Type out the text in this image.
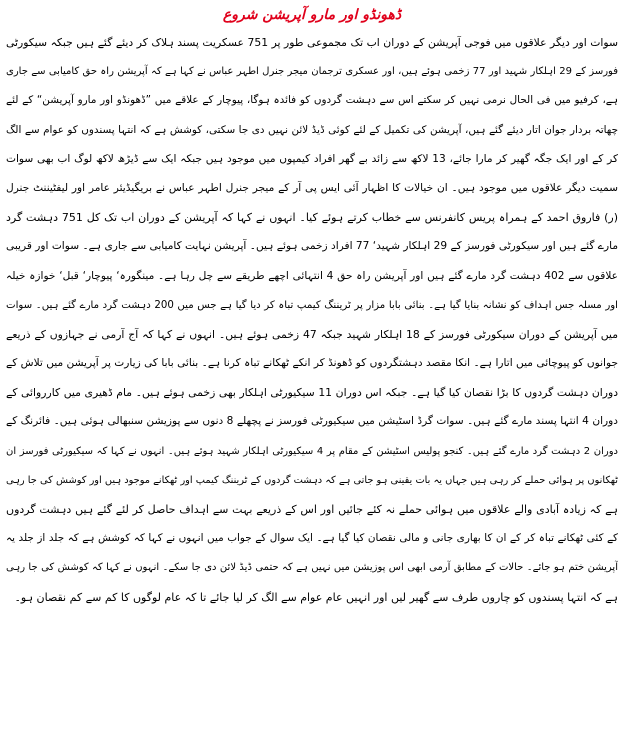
ڈھونڈو اور مارو آپریشن شروع
سوات اور دیگر علاقوں میں فوجی آپریشن کے دوران اب تک مجموعی طور پر 751 عسکریت پسند ہلاک کر دیئے گئے ہیں جبکہ سیکورٹی
فورسز کے 29 اہلکار شہید اور 77 زخمی ہوئے ہیں، اور عسکری ترجمان میجر جنرل اطہر عباس نے کہا ہے کہ آپریشن راہ حق کامیابی سے جاری
ہے، کرفیو میں فی الحال نرمی نہیں کر سکتے اس سے دہشت گردوں کو فائدہ ہوگا، پیوچار کے علاقے میں ”ڈھونڈو اور مارو آپریشن“ کے لئے
چھاتہ بردار جوان اتار دیئے گئے ہیں، آپریشن کی تکمیل کے لئے کوئی ڈیڈ لائن نہیں دی جا سکتی، کوشش ہے کہ انتہا پسندوں کو عوام سے الگ
کر کے اور ایک جگہ گھیر کر مارا جائے، 13 لاکھ سے زائد بے گھر افراد کیمپوں میں موجود ہیں جبکہ ایک سے ڈیڑھ لاکھ لوگ اب بھی سوات
سمیت دیگر علاقوں میں موجود ہیں۔ ان خیالات کا اظہار آئی ایس پی آر کے میجر جنرل اطہر عباس نے بریگیڈیئر عامر اور لیفٹیننٹ جنرل
(ر) فاروق احمد کے ہمراہ پریس کانفرنس سے خطاب کرتے ہوئے کیا۔ انہوں نے کہا کہ آپریشن کے دوران اب تک کل 751 دہشت گرد
مارے گئے ہیں اور سیکورٹی فورسز کے 29 اہلکار شہید‘ 77 افراد زخمی ہوئے ہیں۔ آپریشن نہایت کامیابی سے جاری ہے۔ سوات اور قریبی
علاقوں سے 402 دہشت گرد مارے گئے ہیں اور آپریشن راہ حق 4 انتہائی اچھے طریقے سے چل رہا ہے۔ مینگورہ‘ پیوچار‘ قبل‘ خوازہ خیلہ
اور مسلہ جس اہداف کو نشانہ بنایا گیا ہے۔ بنائی بابا مزار پر ٹریننگ کیمپ تباہ کر دیا گیا ہے جس میں 200 دہشت گرد مارے گئے ہیں۔ سوات
میں آپریشن کے دوران سیکورٹی فورسز کے 18 اہلکار شہید جبکہ 47 زخمی ہوئے ہیں۔ انہوں نے کہا کہ آج آرمی نے جہازوں کے ذریعے
جوانوں کو پیوچائی میں اتارا ہے۔ انکا مقصد دہشتگردوں کو ڈھونڈ کر انکے ٹھکانے تباہ کرنا ہے۔ بنائی بابا کی زیارت پر آپریشن میں تلاش کے
دوران دہشت گردوں کا بڑا نقصان کیا گیا ہے۔ جبکہ اس دوران 11 سیکیورٹی اہلکار بھی زخمی ہوئے ہیں۔ مام ڈھیری میں کارروائی کے
دوران 4 انتہا پسند مارے گئے ہیں۔ سوات گرڈ اسٹیشن میں سیکیورٹی فورسز نے پچھلے 8 دنوں سے پوزیشن سنبھالی ہوئی ہیں۔ فائرنگ کے
دوران 2 دہشت گرد مارے گئے ہیں۔ کنجو پولیس اسٹیشن کے مقام پر 4 سیکیورٹی اہلکار شہید ہوئے ہیں۔ انہوں نے کہا کہ سیکیورٹی فورسز ان
ٹھکانوں پر ہوائی حملے کر رہی ہیں جہاں یہ بات یقینی ہو جاتی ہے کہ دہشت گردوں کے ٹریننگ کیمپ اور ٹھکانے موجود ہیں اور کوشش کی جا رہی
ہے کہ زیادہ آبادی والے علاقوں میں ہوائی حملے نہ کئے جائیں اور اس کے ذریعے بہت سے اہداف حاصل کر لئے گئے ہیں دہشت گردوں
کے کئی ٹھکانے تباہ کر کے ان کا بھاری جانی و مالی نقصان کیا گیا ہے۔ ایک سوال کے جواب میں انہوں نے کہا کہ کوشش ہے کہ جلد از جلد یہ
آپریشن ختم ہو جائے۔ حالات کے مطابق آرمی ابھی اس پوزیشن میں نہیں ہے کہ حتمی ڈیڈ لائن دی جا سکے۔ انہوں نے کہا کہ کوشش کی جا رہی
ہے کہ انتہا پسندوں کو چاروں طرف سے گھیر لیں اور انہیں عام عوام سے الگ کر لیا جائے تا کہ عام لوگوں کا کم سے کم نقصان ہو۔
